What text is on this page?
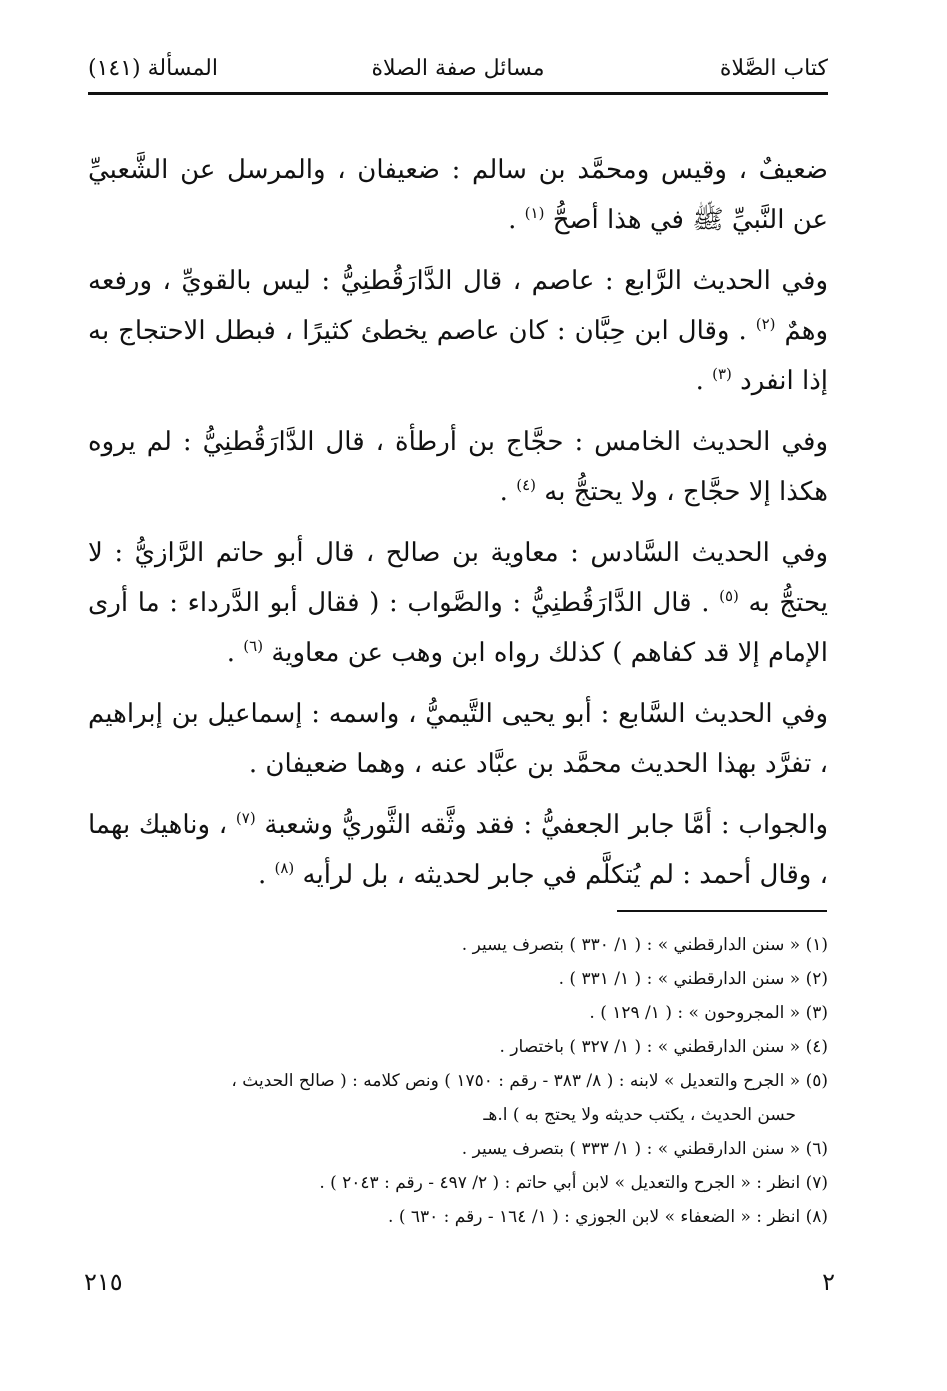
كتاب الصَّلاة
مسائل صفة الصلاة
المسألة (١٤١)

ضعيفٌ ، وقيس ومحمَّد بن سالم : ضعيفان ، والمرسل عن الشَّعبيِّ عن النَّبيِّ ﷺ في هذا أصحُّ $^{(١)}$ .

وفي الحديث الرَّابع : عاصم ، قال الدَّارَقُطنِيُّ : ليس بالقويِّ ، ورفعه وهمٌ $^{(٢)}$ . وقال ابن حِبَّان : كان عاصم يخطئ كثيرًا ، فبطل الاحتجاج به إذا انفرد $^{(٣)}$ .

وفي الحديث الخامس : حجَّاج بن أرطأة ، قال الدَّارَقُطنِيُّ : لم يروه هكذا إلا حجَّاج ، ولا يحتجُّ به $^{(٤)}$ .

وفي الحديث السَّادس : معاوية بن صالح ، قال أبو حاتم الرَّازيُّ : لا يحتجُّ به $^{(٥)}$ . قال الدَّارَقُطنِيُّ : والصَّواب : ( فقال أبو الدَّرداء : ما أرى الإمام إلا قد كفاهم ) كذلك رواه ابن وهب عن معاوية $^{(٦)}$ .

وفي الحديث السَّابع : أبو يحيى التَّيميُّ ، واسمه : إسماعيل بن إبراهيم ، تفرَّد بهذا الحديث محمَّد بن عبَّاد عنه ، وهما ضعيفان .

والجواب : أمَّا جابر الجعفيُّ : فقد وثَّقه الثَّوريُّ وشعبة $^{(٧)}$ ، وناهيك بهما ، وقال أحمد : لم يُتكلَّم في جابر لحديثه ، بل لرأيه $^{(٨)}$ .

(١) « سنن الدارقطني » : ( ١/ ٣٣٠ ) بتصرف يسير .
(٢) « سنن الدارقطني » : ( ١/ ٣٣١ ) .
(٣) « المجروحون » : ( ١/ ١٢٩ ) .
(٤) « سنن الدارقطني » : ( ١/ ٣٢٧ ) باختصار .
(٥) « الجرح والتعديل » لابنه : ( ٨/ ٣٨٣ - رقم : ١٧٥٠ ) ونص كلامه : ( صالح الحديث ،
حسن الحديث ، يكتب حديثه ولا يحتج به ) ا.هـ
(٦) « سنن الدارقطني » : ( ١/ ٣٣٣ ) بتصرف يسير .
(٧) انظر : « الجرح والتعديل » لابن أبي حاتم : ( ٢/ ٤٩٧ - رقم : ٢٠٤٣ ) .
(٨) انظر : « الضعفاء » لابن الجوزي : ( ١/ ١٦٤ - رقم : ٦٣٠ ) .
٢
٢١٥
